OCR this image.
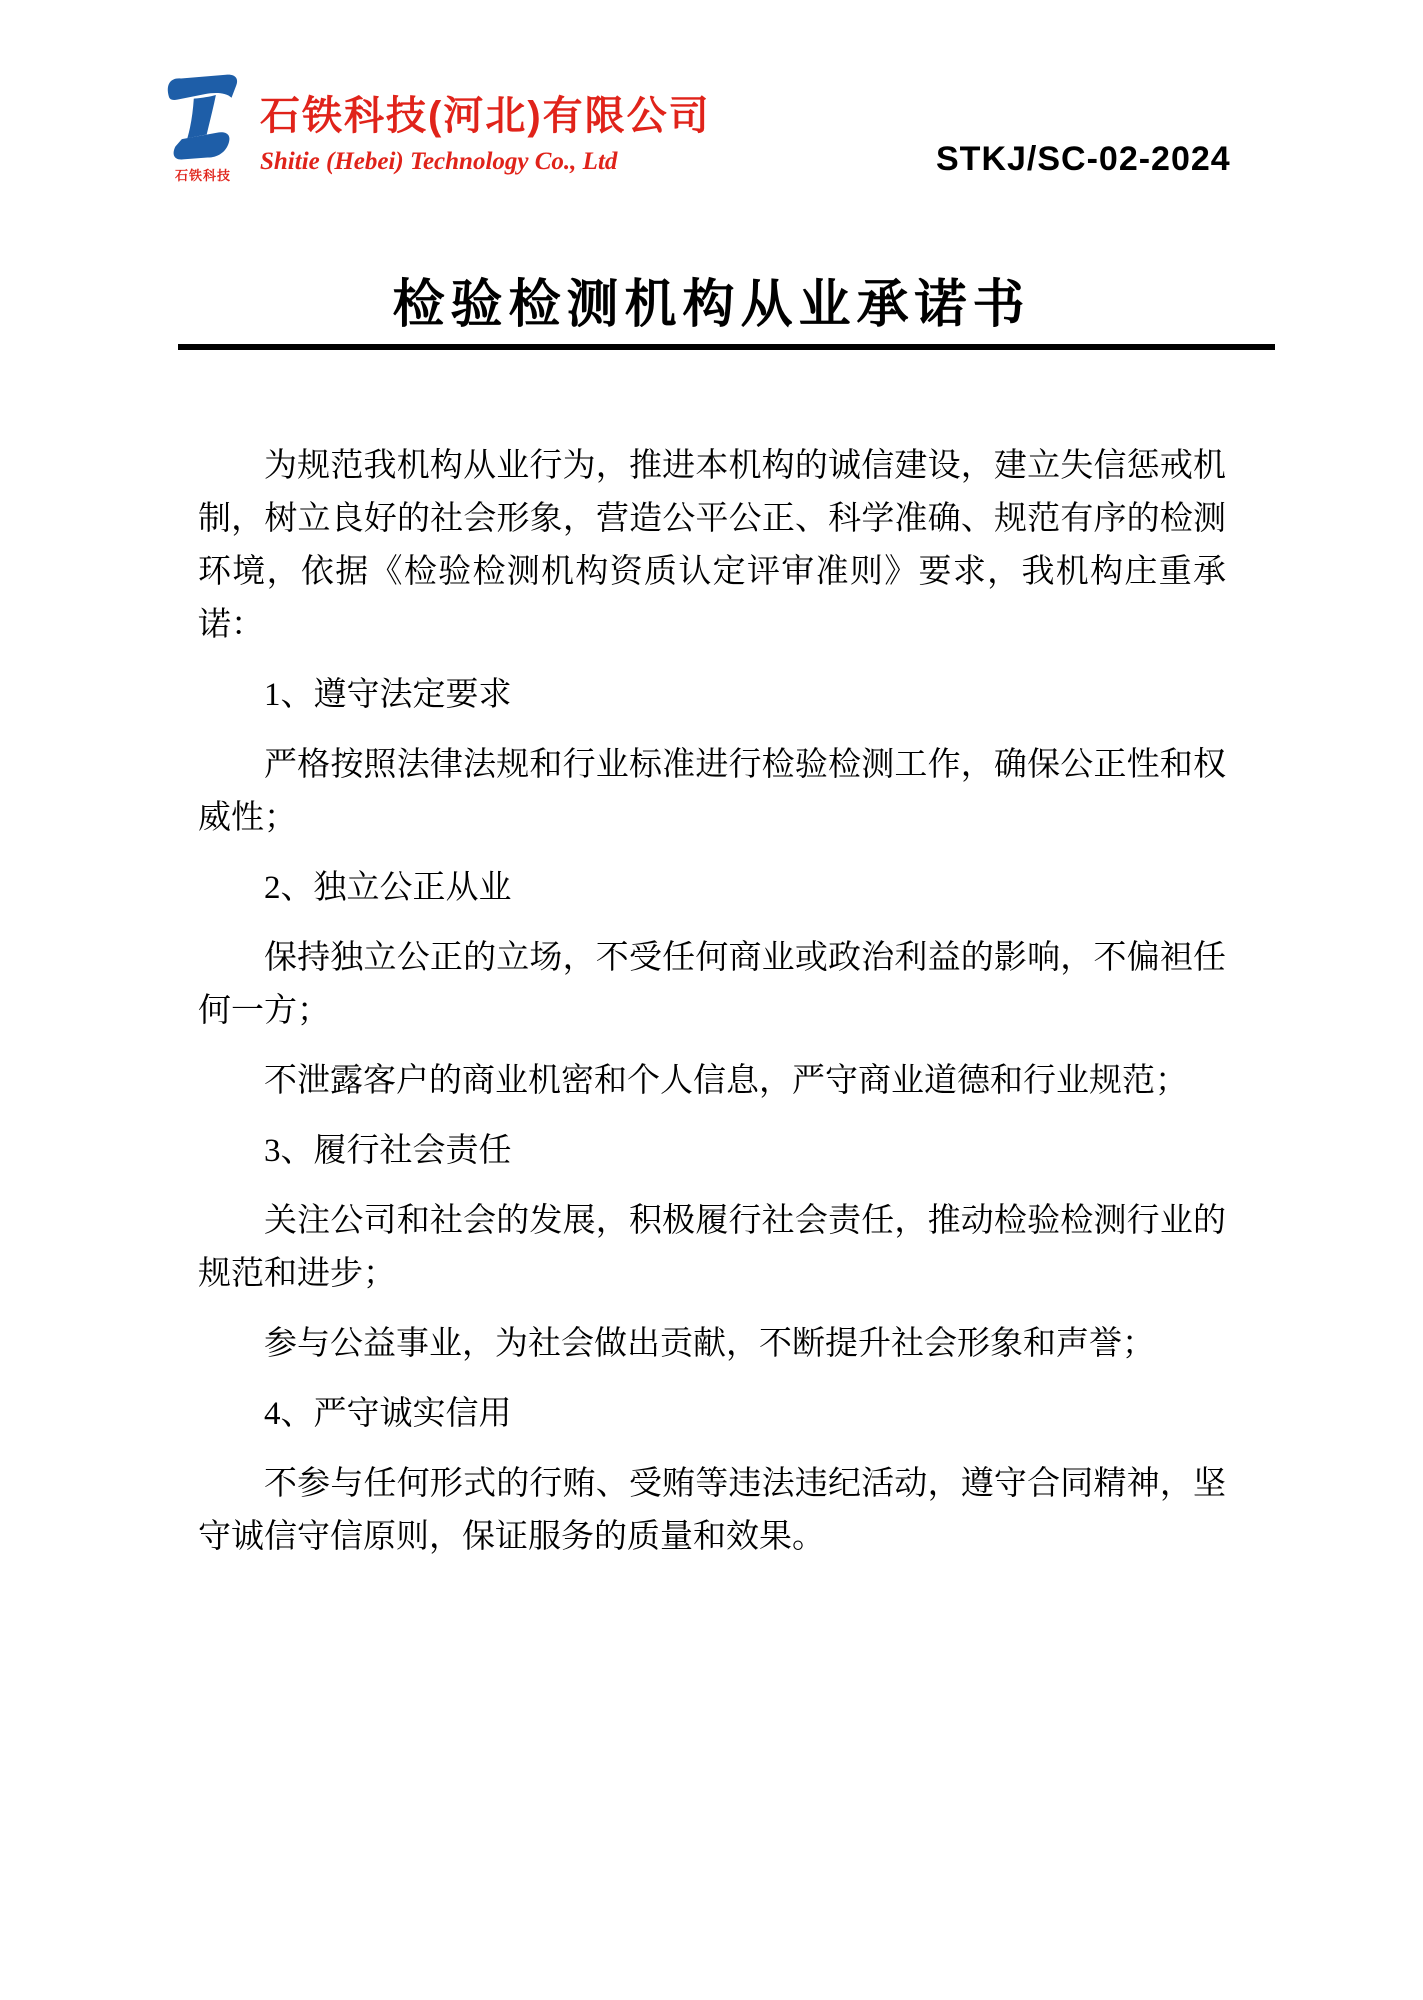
石铁科技
石铁科技(河北)有限公司
Shitie (Hebei) Technology Co., Ltd	STKJ/SC-02-2024
检验检测机构从业承诺书

为规范我机构从业行为，推进本机构的诚信建设，建立失信惩戒机制，树立良好的社会形象，营造公平公正、科学准确、规范有序的检测环境，依据《检验检测机构资质认定评审准则》要求，我机构庄重承诺：

1、遵守法定要求

严格按照法律法规和行业标准进行检验检测工作，确保公正性和权威性；

2、独立公正从业

保持独立公正的立场，不受任何商业或政治利益的影响，不偏袒任何一方；

不泄露客户的商业机密和个人信息，严守商业道德和行业规范；

3、履行社会责任

关注公司和社会的发展，积极履行社会责任，推动检验检测行业的规范和进步；

参与公益事业，为社会做出贡献，不断提升社会形象和声誉；

4、严守诚实信用

不参与任何形式的行贿、受贿等违法违纪活动，遵守合同精神，坚守诚信守信原则，保证服务的质量和效果。
